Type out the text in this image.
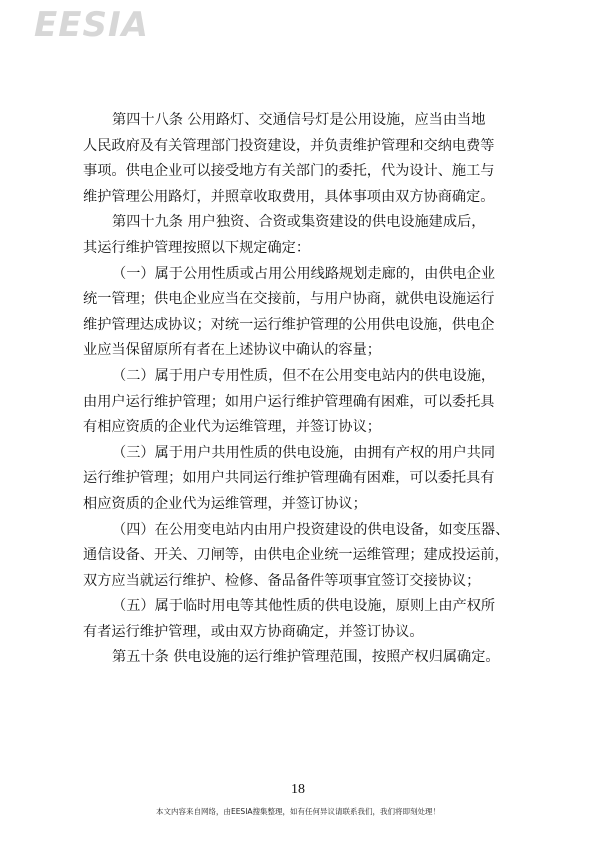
EESIA
第四十八条 公用路灯、交通信号灯是公用设施，应当由当地
人民政府及有关管理部门投资建设，并负责维护管理和交纳电费等
事项。供电企业可以接受地方有关部门的委托，代为设计、施工与
维护管理公用路灯，并照章收取费用，具体事项由双方协商确定。
第四十九条 用户独资、合资或集资建设的供电设施建成后，
其运行维护管理按照以下规定确定：
（一）属于公用性质或占用公用线路规划走廊的，由供电企业
统一管理；供电企业应当在交接前，与用户协商，就供电设施运行
维护管理达成协议；对统一运行维护管理的公用供电设施，供电企
业应当保留原所有者在上述协议中确认的容量；
（二）属于用户专用性质，但不在公用变电站内的供电设施，
由用户运行维护管理；如用户运行维护管理确有困难，可以委托具
有相应资质的企业代为运维管理，并签订协议；
（三）属于用户共用性质的供电设施，由拥有产权的用户共同
运行维护管理；如用户共同运行维护管理确有困难，可以委托具有
相应资质的企业代为运维管理，并签订协议；
（四）在公用变电站内由用户投资建设的供电设备，如变压器、
通信设备、开关、刀闸等，由供电企业统一运维管理；建成投运前，
双方应当就运行维护、检修、备品备件等项事宜签订交接协议；
（五）属于临时用电等其他性质的供电设施，原则上由产权所
有者运行维护管理，或由双方协商确定，并签订协议。
第五十条 供电设施的运行维护管理范围，按照产权归属确定。
18
本文内容来自网络，由EESIA搜集整理，如有任何异议请联系我们，我们将即刻处理！
